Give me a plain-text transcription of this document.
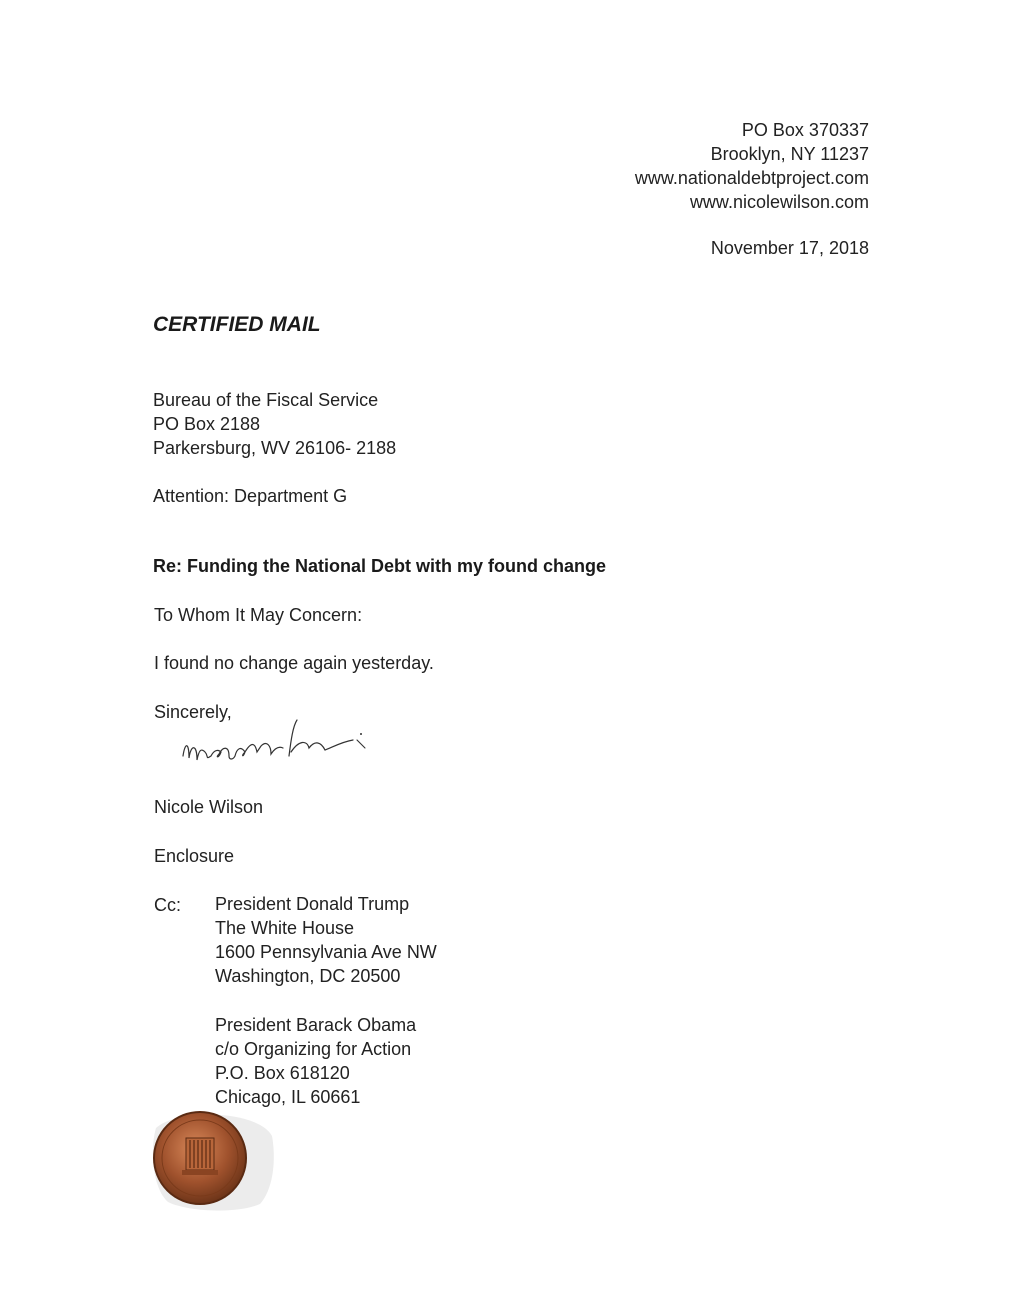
PO Box 370337
Brooklyn, NY 11237
www.nationaldebtproject.com
www.nicolewilson.com
November 17, 2018
CERTIFIED MAIL
Bureau of the Fiscal Service
PO Box 2188
Parkersburg, WV 26106- 2188
Attention: Department G
Re: Funding the National Debt with my found change
To Whom It May Concern:
I found no change again yesterday.
Sincerely,
Nicole Wilson
Enclosure
Cc: President Donald Trump
The White House
1600 Pennsylvania Ave NW
Washington, DC 20500
President Barack Obama
c/o Organizing for Action
P.O. Box 618120
Chicago, IL 60661
